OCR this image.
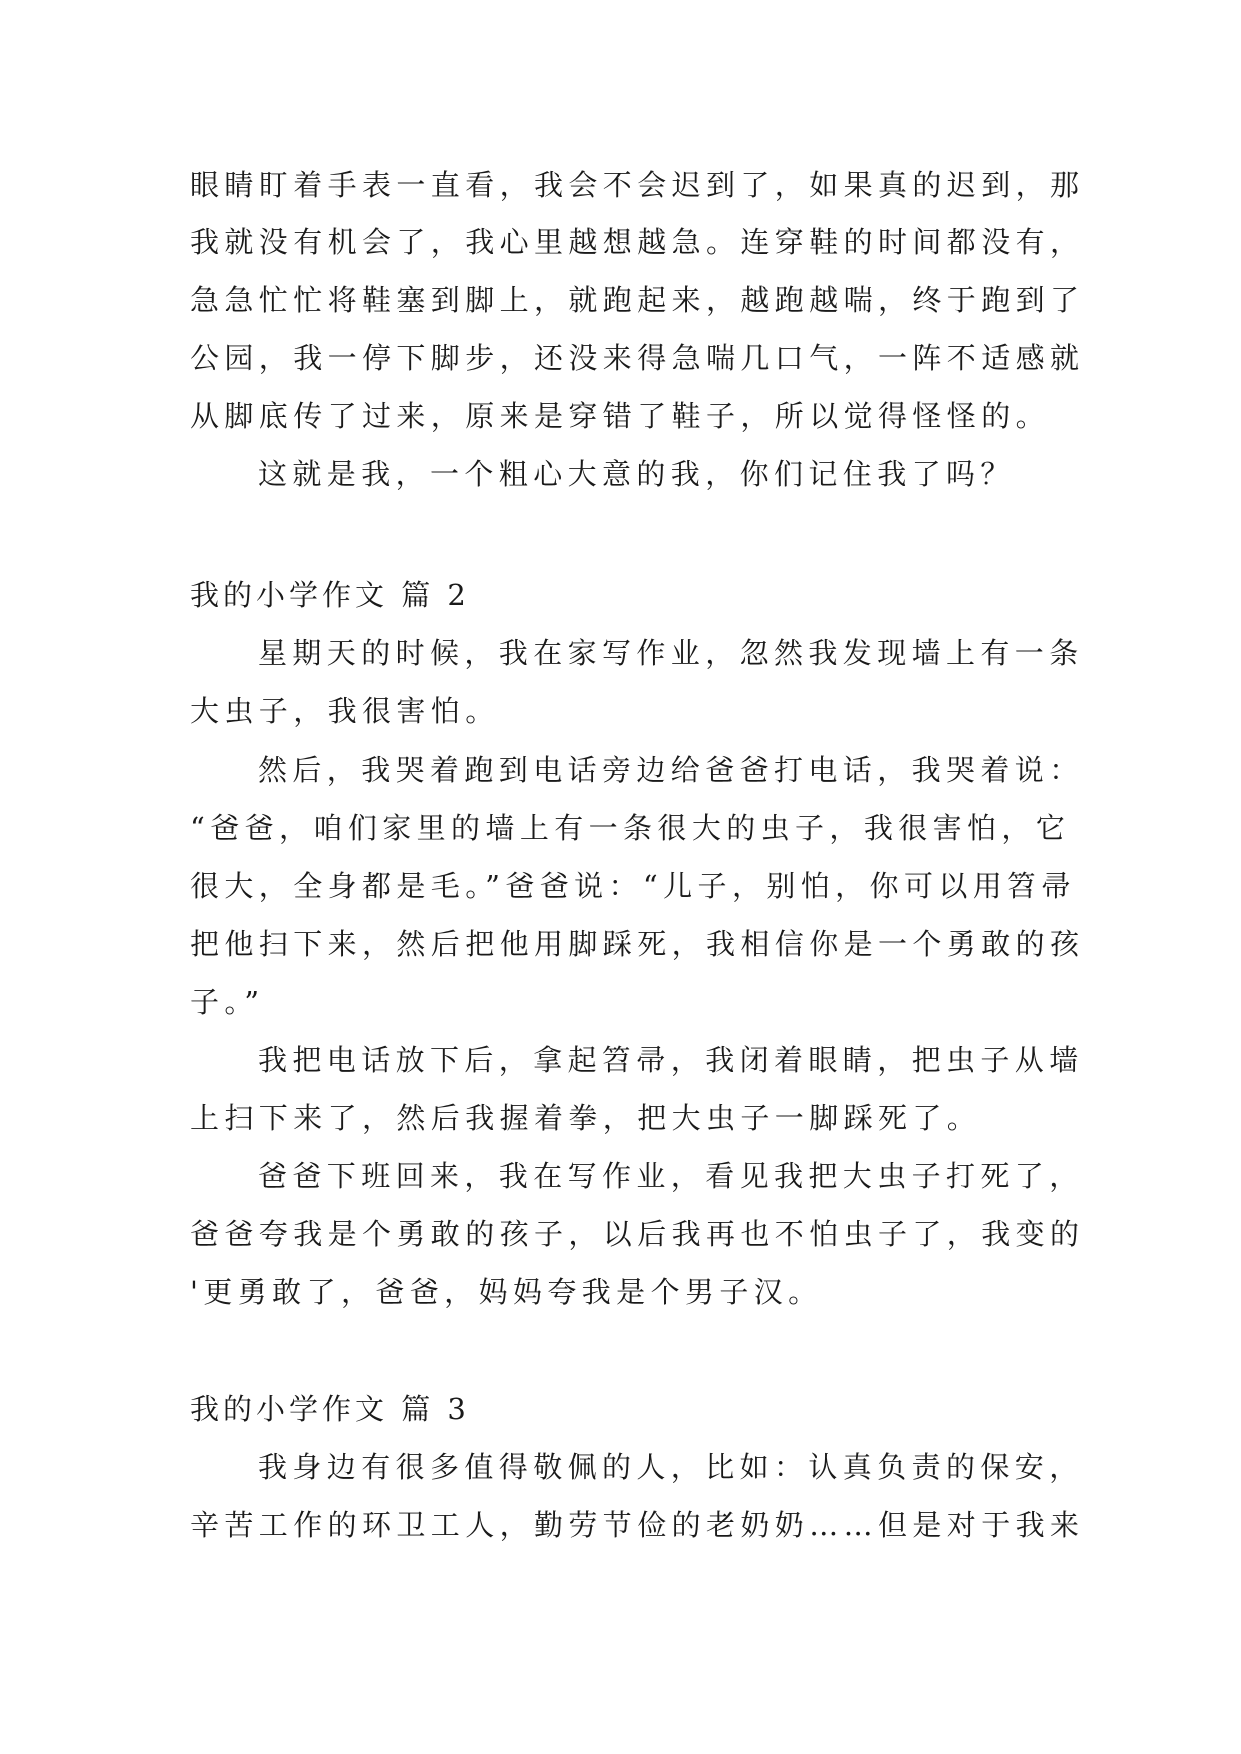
眼睛盯着手表一直看，我会不会迟到了，如果真的迟到，那
我就没有机会了，我心里越想越急。连穿鞋的时间都没有，
急急忙忙将鞋塞到脚上，就跑起来，越跑越喘，终于跑到了
公园，我一停下脚步，还没来得急喘几口气，一阵不适感就
从脚底传了过来，原来是穿错了鞋子，所以觉得怪怪的。
这就是我，一个粗心大意的我，你们记住我了吗？
我的小学作文 篇 2
星期天的时候，我在家写作业，忽然我发现墙上有一条
大虫子，我很害怕。
然后，我哭着跑到电话旁边给爸爸打电话，我哭着说：
“爸爸，咱们家里的墙上有一条很大的虫子，我很害怕，它
很大，全身都是毛。”爸爸说：“儿子，别怕，你可以用笤帚
把他扫下来，然后把他用脚踩死，我相信你是一个勇敢的孩
子。”
我把电话放下后，拿起笤帚，我闭着眼睛，把虫子从墙
上扫下来了，然后我握着拳，把大虫子一脚踩死了。
爸爸下班回来，我在写作业，看见我把大虫子打死了，
爸爸夸我是个勇敢的孩子，以后我再也不怕虫子了，我变的
'更勇敢了，爸爸，妈妈夸我是个男子汉。
我的小学作文 篇 3
我身边有很多值得敬佩的人，比如：认真负责的保安，
辛苦工作的环卫工人，勤劳节俭的老奶奶……但是对于我来
